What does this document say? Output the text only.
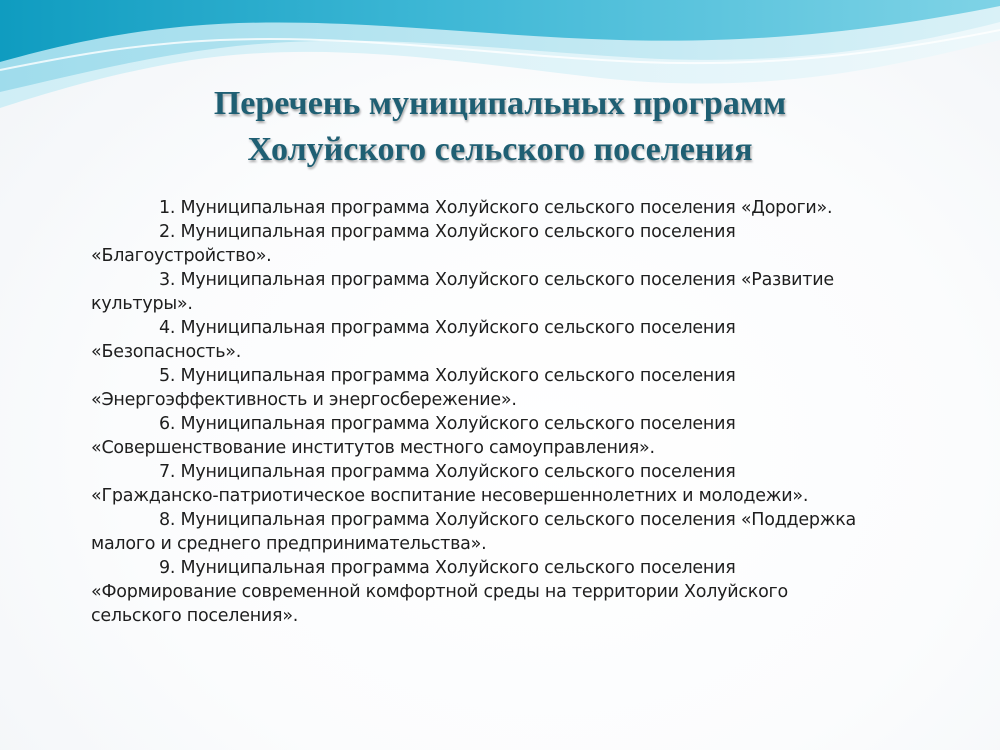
Перечень муниципальных программ
Холуйского сельского поселения
1. Муниципальная программа Холуйского сельского поселения «Дороги».
2. Муниципальная программа Холуйского сельского поселения
«Благоустройство».
3. Муниципальная программа Холуйского сельского поселения «Развитие
культуры».
4. Муниципальная программа Холуйского сельского поселения
«Безопасность».
5. Муниципальная программа Холуйского сельского поселения
«Энергоэффективность и энергосбережение».
6. Муниципальная программа Холуйского сельского поселения
«Совершенствование институтов местного самоуправления».
7. Муниципальная программа Холуйского сельского поселения
«Гражданско-патриотическое воспитание несовершеннолетних и молодежи».
8. Муниципальная программа Холуйского сельского поселения «Поддержка
малого и среднего предпринимательства».
9. Муниципальная программа Холуйского сельского поселения
«Формирование современной комфортной среды на территории Холуйского
сельского поселения».
